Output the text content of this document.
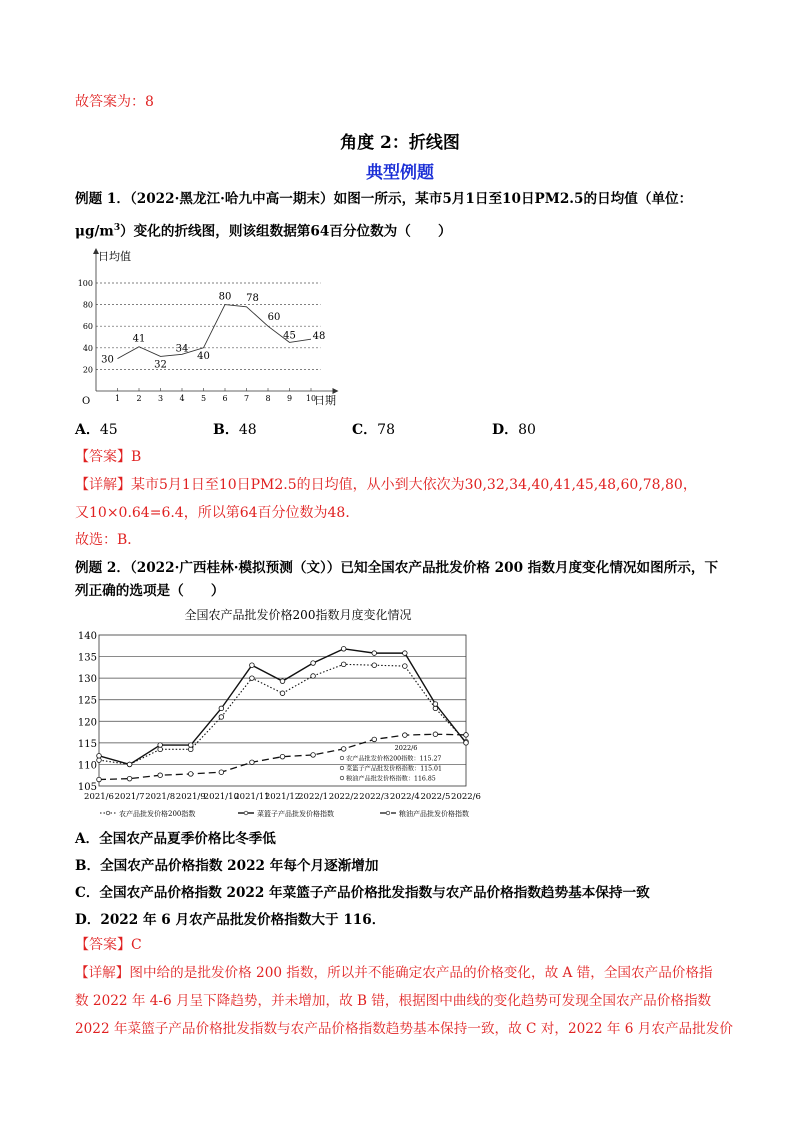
故答案为：8
角度 2：折线图
典型例题
例题 1．（2022·黑龙江·哈九中高一期末）如图一所示，某市5月1日至10日PM2.5的日均值（单位：
$\mu g/m^3$）变化的折线图，则该组数据第64百分位数为（　　）
20
40
60
80
100
1 2 3 4 5 6 7 8 9 10
30
41
32
34
40
80 78
60
45 48
日均值
日期
O
A．45	B．48	C．78	D．80
【答案】B
【详解】某市5月1日至10日PM2.5的日均值，从小到大依次为30,32,34,40,41,45,48,60,78,80，
又10×0.64=6.4，所以第64百分位数为48．
故选：B．
例题 2．（2022·广西桂林·模拟预测（文））已知全国农产品批发价格 200 指数月度变化情况如图所示，下
列正确的选项是（　　）
全国农产品批发价格200指数月度变化情况
105
110
115
120
125
130
135
140
2021/6 2021/7 2021/8 2021/9
2021/10
2021/11
2021/12
2022/1 2022/2 2022/3 2022/4 2022/5 2022/6
2022/6
农产品批发价格200指数：115.27
菜篮子产品批发价格指数：115.01
粮油产品批发价格指数：116.85
农产品批发价格200指数	菜篮子产品批发价格指数	粮油产品批发价格指数
A．全国农产品夏季价格比冬季低
B．全国农产品价格指数 2022 年每个月逐渐增加
C．全国农产品价格指数 2022 年菜篮子产品价格批发指数与农产品价格指数趋势基本保持一致
D．2022 年 6 月农产品批发价格指数大于 116．
【答案】C
【详解】图中给的是批发价格 200 指数，所以并不能确定农产品的价格变化，故 A 错，全国农产品价格指
数 2022 年 4-6 月呈下降趋势，并未增加，故 B 错，根据图中曲线的变化趋势可发现全国农产品价格指数
2022 年菜篮子产品价格批发指数与农产品价格指数趋势基本保持一致，故 C 对，2022 年 6 月农产品批发价
